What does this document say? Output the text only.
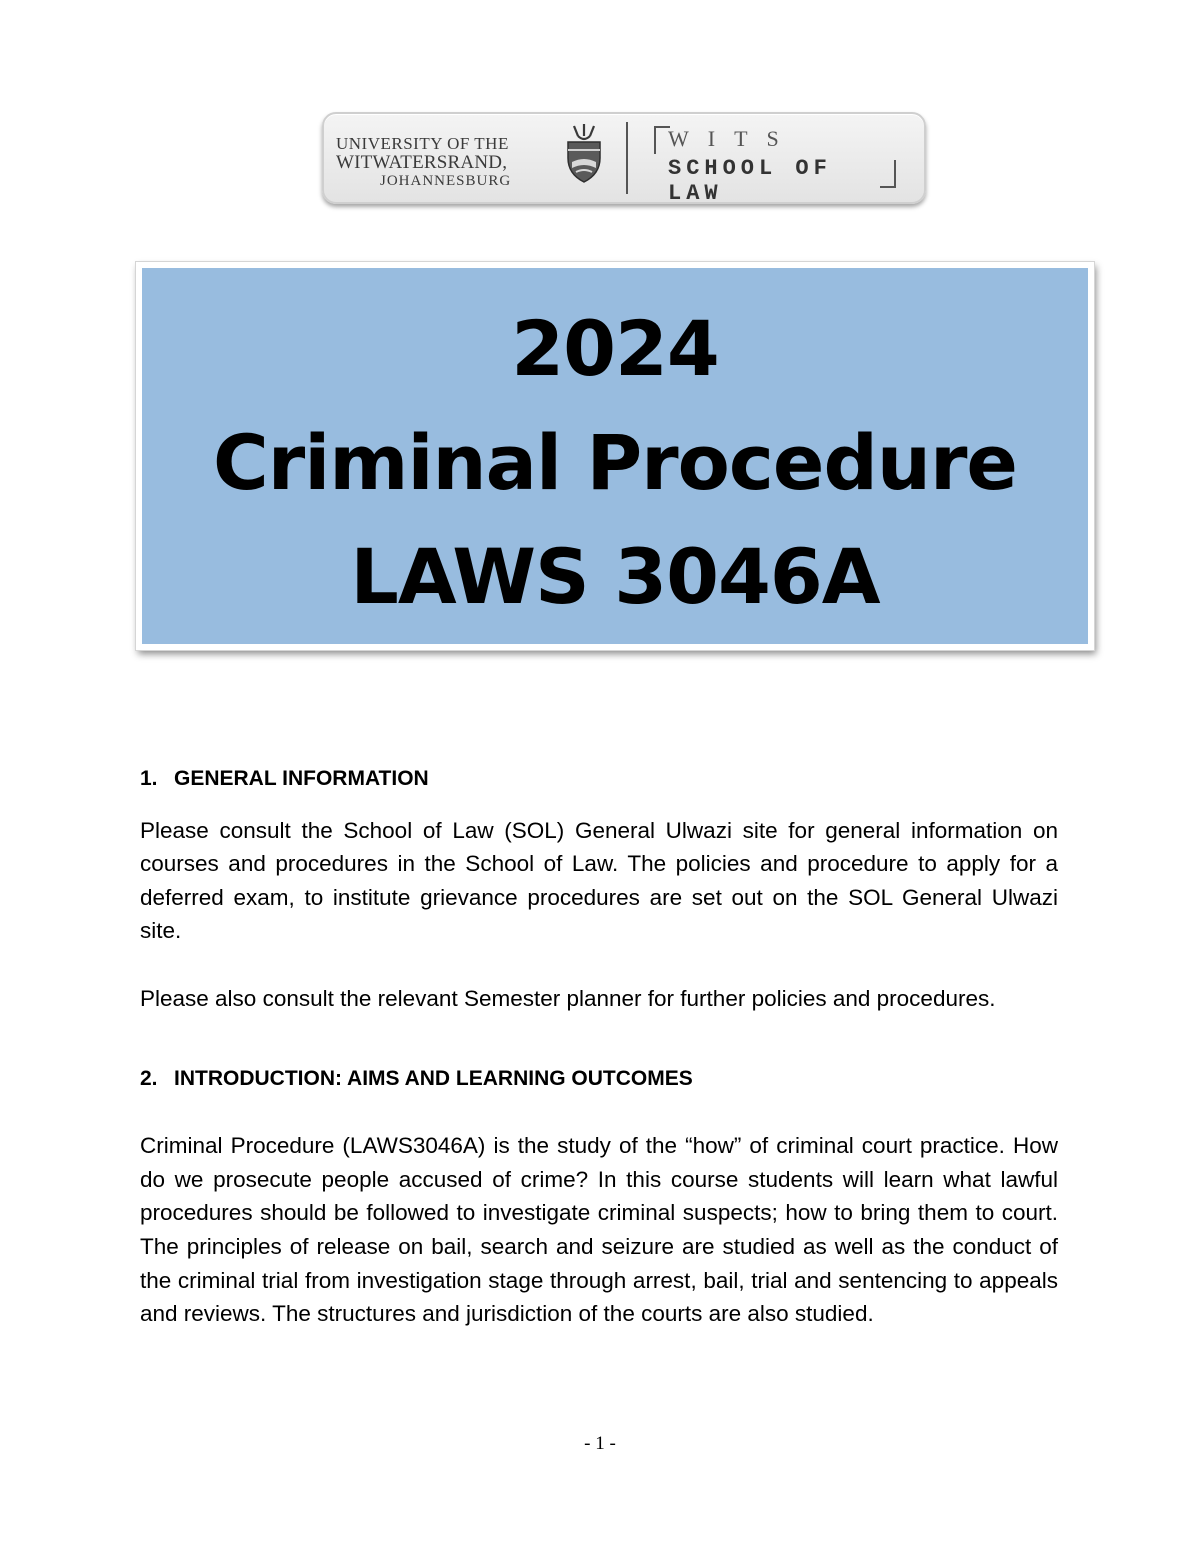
UNIVERSITY OF THE
WITWATERSRAND,
JOHANNESBURG
WITS
SCHOOL OF LAW
2024
Criminal Procedure
LAWS 3046A
1. GENERAL INFORMATION

Please consult the School of Law (SOL) General Ulwazi site for general information on courses and procedures in the School of Law. The policies and procedure to apply for a deferred exam, to institute grievance procedures are set out on the SOL General Ulwazi site.

Please also consult the relevant Semester planner for further policies and procedures.

2. INTRODUCTION: AIMS AND LEARNING OUTCOMES

Criminal Procedure (LAWS3046A) is the study of the “how” of criminal court practice. How do we prosecute people accused of crime? In this course students will learn what lawful procedures should be followed to investigate criminal suspects; how to bring them to court. The principles of release on bail, search and seizure are studied as well as the conduct of the criminal trial from investigation stage through arrest, bail, trial and sentencing to appeals and reviews. The structures and jurisdiction of the courts are also studied.

- 1 -
